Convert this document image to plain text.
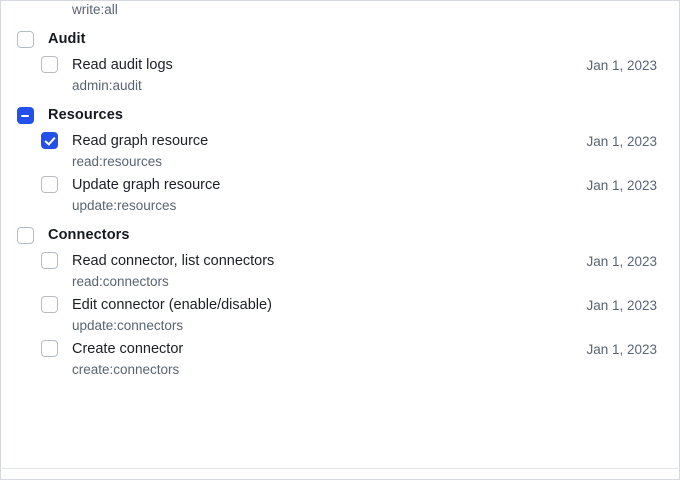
write:all
Audit
Read audit logs
admin:audit
Jan 1, 2023
Resources
Read graph resource
read:resources
Jan 1, 2023
Update graph resource
update:resources
Jan 1, 2023
Connectors
Read connector, list connectors
read:connectors
Jan 1, 2023
Edit connector (enable/disable)
update:connectors
Jan 1, 2023
Create connector
create:connectors
Jan 1, 2023
